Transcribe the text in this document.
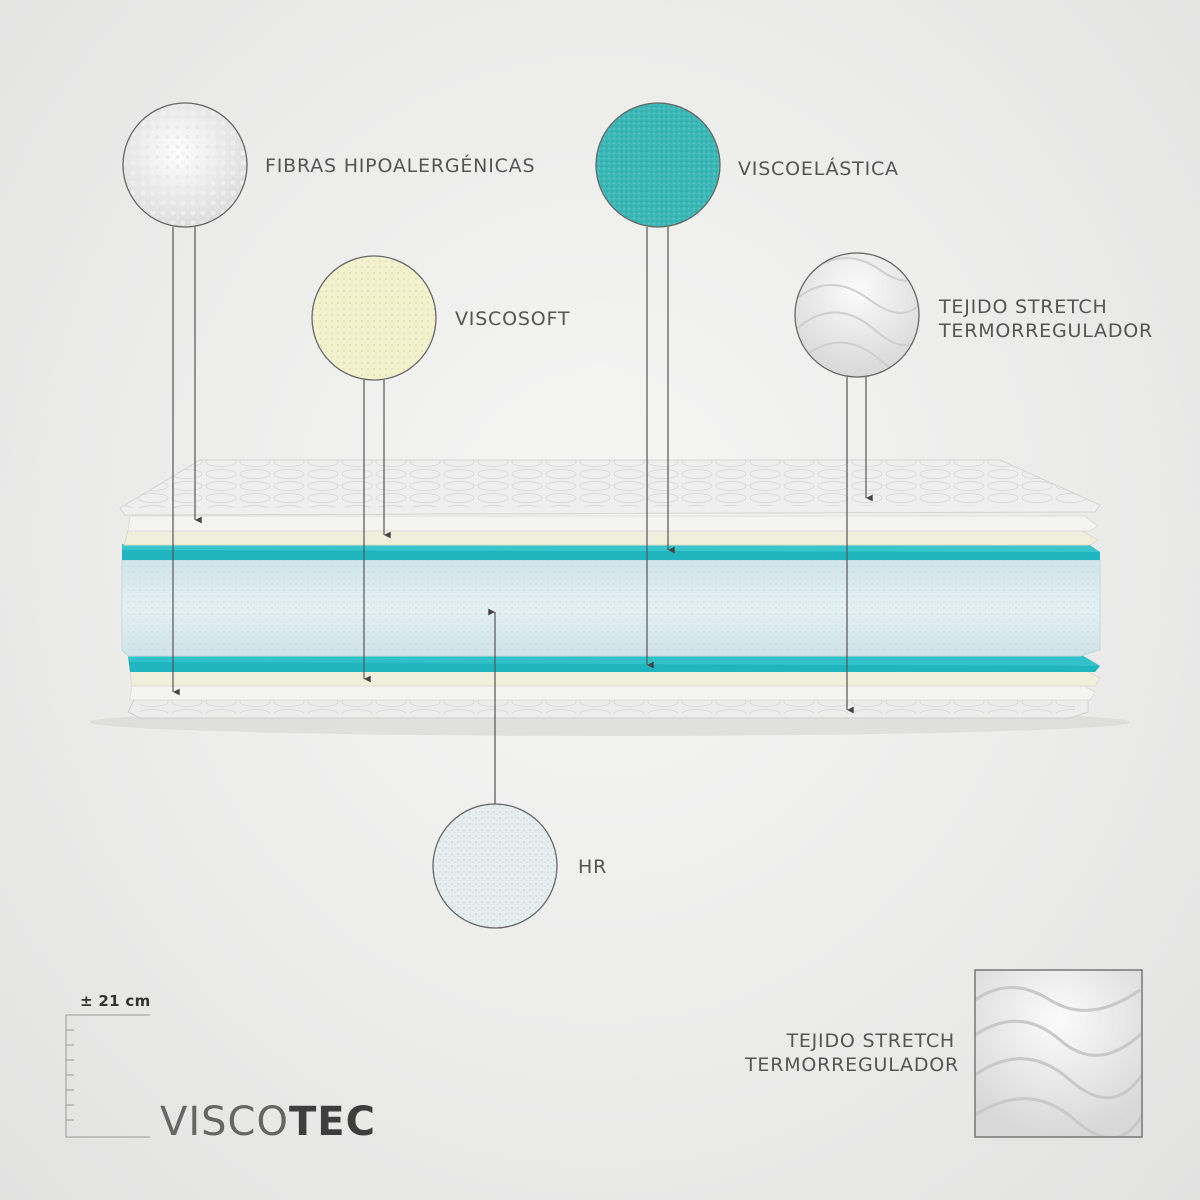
FIBRAS HIPOALERGÉNICAS	VISCOELÁSTICA
VISCOSOFT
TEJIDO STRETCH
TERMORREGULADOR
HR
TEJIDO STRETCH
TERMORREGULADOR
± 21 cm
VISCOTEC
